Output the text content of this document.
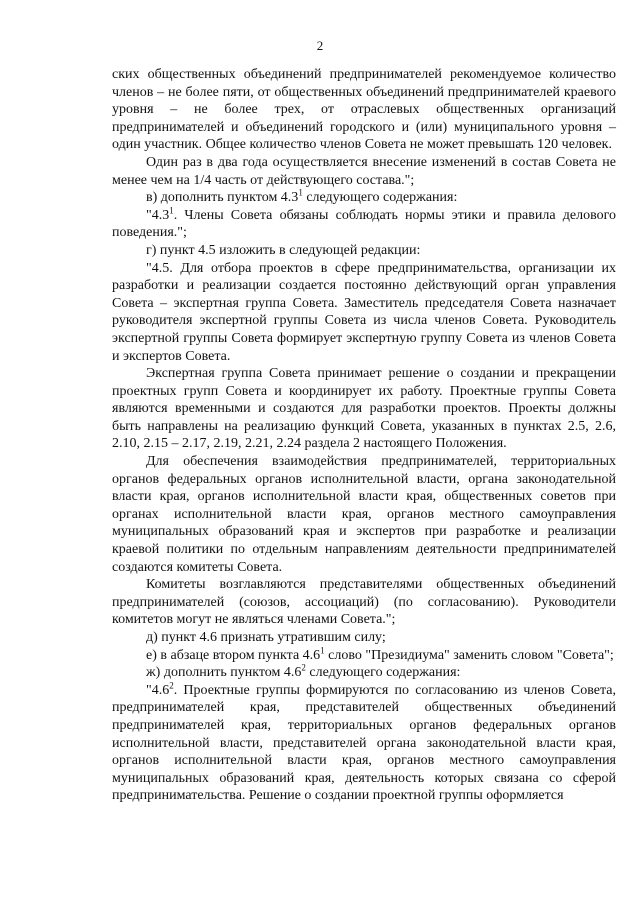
2

ских общественных объединений предпринимателей рекомендуемое количество членов – не более пяти, от общественных объединений предпринимателей краевого уровня – не более трех, от отраслевых общественных организаций предпринимателей и объединений городского и (или) муниципального уровня – один участник. Общее количество членов Совета не может превышать 120 человек.

Один раз в два года осуществляется внесение изменений в состав Совета не менее чем на 1/4 часть от действующего состава.";

в) дополнить пунктом $4.3^1$ следующего содержания:

"$4.3^1$. Члены Совета обязаны соблюдать нормы этики и правила делового поведения.";

г) пункт 4.5 изложить в следующей редакции:

"4.5. Для отбора проектов в сфере предпринимательства, организации их разработки и реализации создается постоянно действующий орган управления Совета – экспертная группа Совета. Заместитель председателя Совета назначает руководителя экспертной группы Совета из числа членов Совета. Руководитель экспертной группы Совета формирует экспертную группу Совета из членов Совета и экспертов Совета.

Экспертная группа Совета принимает решение о создании и прекращении проектных групп Совета и координирует их работу. Проектные группы Совета являются временными и создаются для разработки проектов. Проекты должны быть направлены на реализацию функций Совета, указанных в пунктах 2.5, 2.6, 2.10, 2.15 – 2.17, 2.19, 2.21, 2.24 раздела 2 настоящего Положения.

Для обеспечения взаимодействия предпринимателей, территориальных органов федеральных органов исполнительной власти, органа законодательной власти края, органов исполнительной власти края, общественных советов при органах исполнительной власти края, органов местного самоуправления муниципальных образований края и экспертов при разработке и реализации краевой политики по отдельным направлениям деятельности предпринимателей создаются комитеты Совета.

Комитеты возглавляются представителями общественных объединений предпринимателей (союзов, ассоциаций) (по согласованию). Руководители комитетов могут не являться членами Совета.";

д) пункт 4.6 признать утратившим силу;

е) в абзаце втором пункта $4.6^1$ слово "Президиума" заменить словом "Совета";

ж) дополнить пунктом $4.6^2$ следующего содержания:

"$4.6^2$. Проектные группы формируются по согласованию из членов Совета, предпринимателей края, представителей общественных объединений предпринимателей края, территориальных органов федеральных органов исполнительной власти, представителей органа законодательной власти края, органов исполнительной власти края, органов местного самоуправления муниципальных образований края, деятельность которых связана со сферой предпринимательства. Решение о создании проектной группы оформляется
